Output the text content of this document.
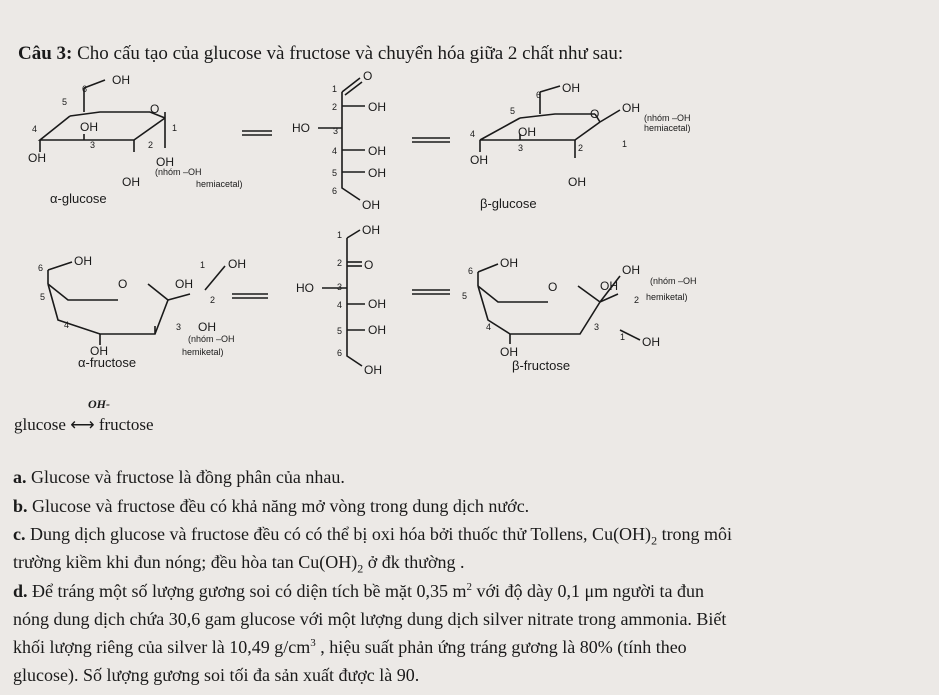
Câu 3: Cho cấu tạo của glucose và fructose và chuyển hóa giữa 2 chất như sau:
OH
O
OH
OH
OH
OH
6
5
4
3	2
1
(nhóm –OH
hemiacetal)
α-glucose
O
OH
HO
OH
OH
OH
1
2
3
4
5
6
OH
O
OH
OH
OH
OH
6
5
4
3	2	1
(nhóm –OH
hemiacetal)
β-glucose
OH
O	OH
OH
OH
OH
6
5
4	3
2
1
(nhóm –OH
hemiketal)
α-fructose
OH
O
HO
OH
OH
OH
1
2
3
4
5
6
OH
O	OH
OH
OH
OH
6
5
4	3
2
1
(nhóm –OH
hemiketal)
β-fructose
OH-
glucose ⟷ fructose
a. Glucose và fructose là đồng phân của nhau.
b. Glucose và fructose đều có khả năng mở vòng trong dung dịch nước.
c. Dung dịch glucose và fructose đều có có thể bị oxi hóa bởi thuốc thử Tollens, $Cu(OH)_2$ trong môi
trường kiềm khi đun nóng; đều hòa $\tan Cu(OH)_2$ ở đk thường .
d. Để tráng một số lượng gương soi có diện tích bề mặt 0,35 $m^2$ với độ dày 0,1 μm người ta đun
nóng dung dịch chứa 30,6 gam glucose với một lượng dung dịch silver nitrate trong ammonia. Biết
khối lượng riêng của silver là 10,49 $g/cm^3$ , hiệu suất phản ứng tráng gương là 80% (tính theo
glucose). Số lượng gương soi tối đa sản xuất được là 90.
